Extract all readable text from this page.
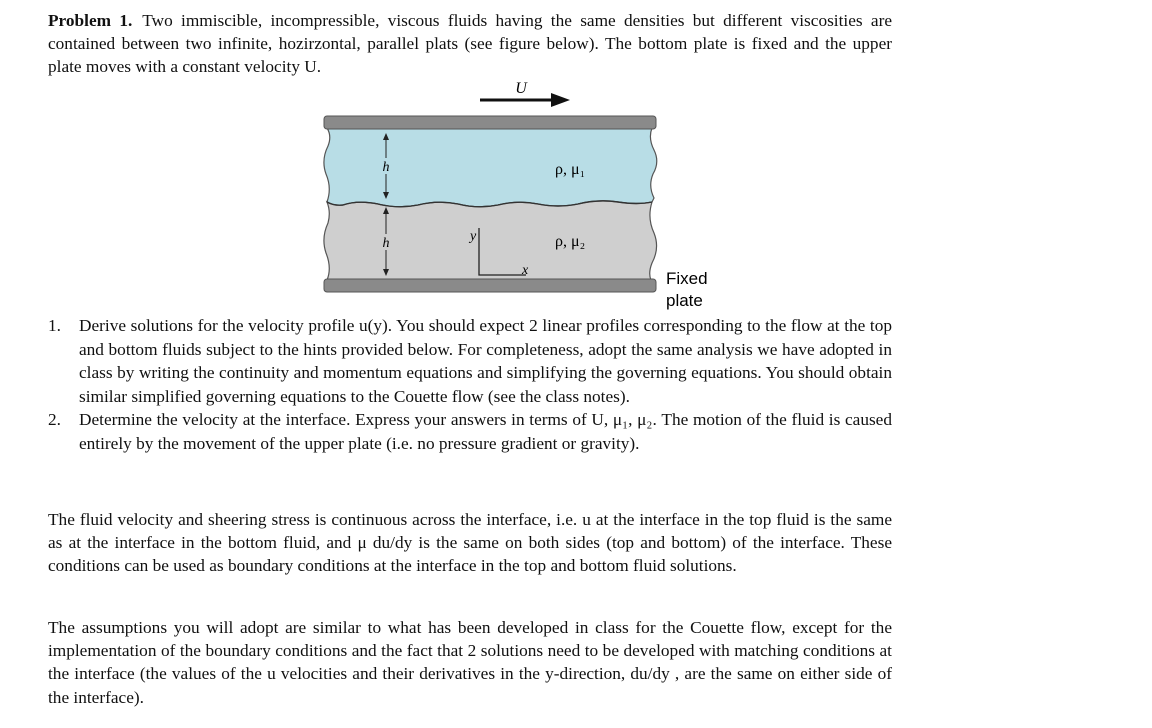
Problem 1. Two immiscible, incompressible, viscous fluids having the same densities but different viscosities are contained between two infinite, hozirzontal, parallel plats (see figure below). The bottom plate is fixed and the upper plate moves with a constant velocity U.

U
h
h	y
x
ρ, μ₁
ρ, μ₂
Fixed
plate
1. Derive solutions for the velocity profile u(y). You should expect 2 linear profiles corresponding to the flow at the top and bottom fluids subject to the hints provided below. For completeness, adopt the same analysis we have adopted in class by writing the continuity and momentum equations and simplifying the governing equations. You should obtain similar simplified governing equations to the Couette flow (see the class notes).
2. Determine the velocity at the interface. Express your answers in terms of U, μ₁, μ₂. The motion of the fluid is caused entirely by the movement of the upper plate (i.e. no pressure gradient or gravity).

The fluid velocity and sheering stress is continuous across the interface, i.e. u at the interface in the top fluid is the same as at the interface in the bottom fluid, and μ du/dy is the same on both sides (top and bottom) of the interface. These conditions can be used as boundary conditions at the interface in the top and bottom fluid solutions.

The assumptions you will adopt are similar to what has been developed in class for the Couette flow, except for the implementation of the boundary conditions and the fact that 2 solutions need to be developed with matching conditions at the interface (the values of the u velocities and their derivatives in the y-direction, du/dy , are the same on either side of the interface).
